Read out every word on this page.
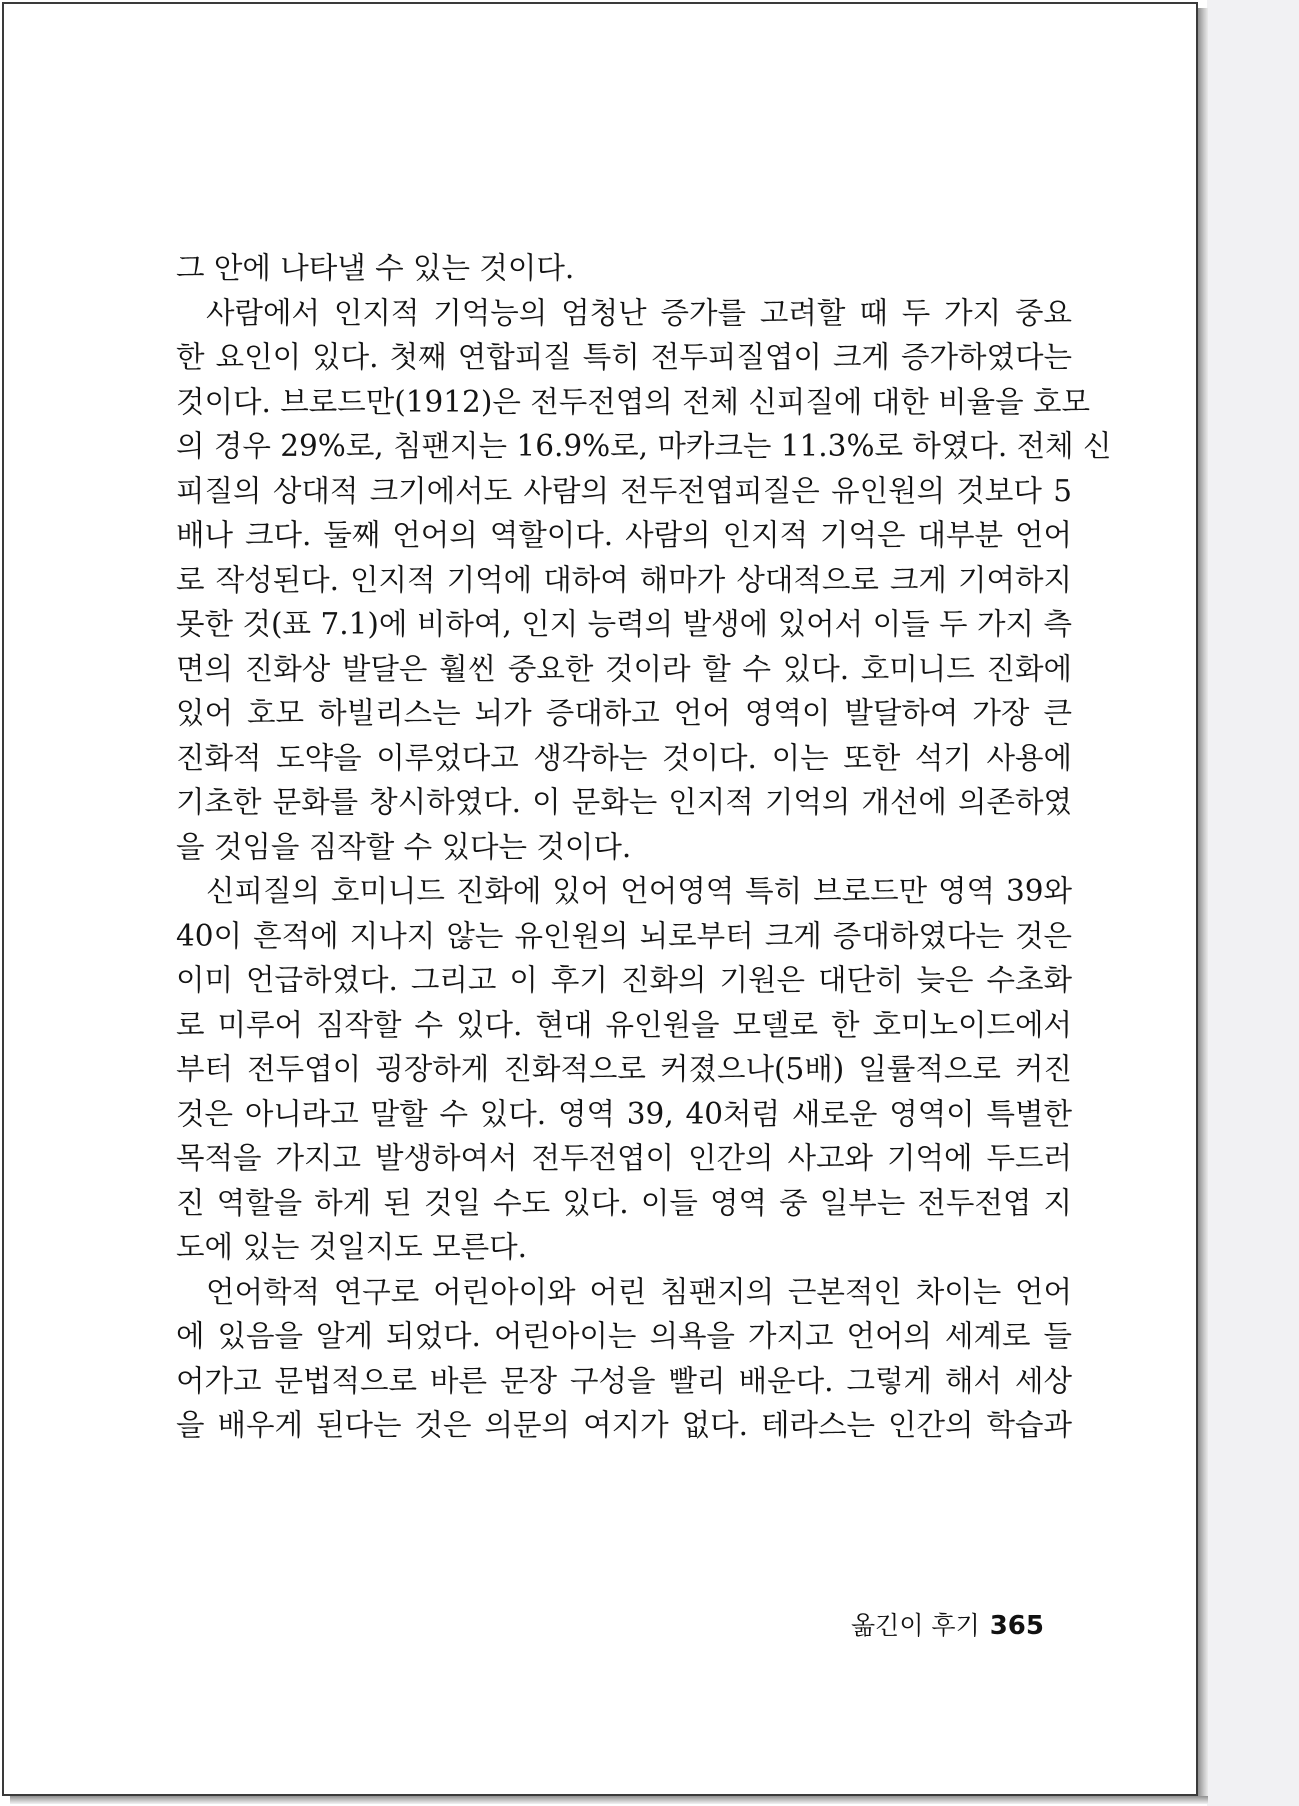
그 안에 나타낼 수 있는 것이다.
사람에서 인지적 기억능의 엄청난 증가를 고려할 때 두 가지 중요
한 요인이 있다. 첫째 연합피질 특히 전두피질엽이 크게 증가하였다는
것이다. 브로드만(1912)은 전두전엽의 전체 신피질에 대한 비율을 호모
의 경우 29%로, 침팬지는 16.9%로, 마카크는 11.3%로 하였다. 전체 신
피질의 상대적 크기에서도 사람의 전두전엽피질은 유인원의 것보다 5
배나 크다. 둘째 언어의 역할이다. 사람의 인지적 기억은 대부분 언어
로 작성된다. 인지적 기억에 대하여 해마가 상대적으로 크게 기여하지
못한 것(표 7.1)에 비하여, 인지 능력의 발생에 있어서 이들 두 가지 측
면의 진화상 발달은 훨씬 중요한 것이라 할 수 있다. 호미니드 진화에
있어 호모 하빌리스는 뇌가 증대하고 언어 영역이 발달하여 가장 큰
진화적 도약을 이루었다고 생각하는 것이다. 이는 또한 석기 사용에
기초한 문화를 창시하였다. 이 문화는 인지적 기억의 개선에 의존하였
을 것임을 짐작할 수 있다는 것이다.
신피질의 호미니드 진화에 있어 언어영역 특히 브로드만 영역 39와
40이 흔적에 지나지 않는 유인원의 뇌로부터 크게 증대하였다는 것은
이미 언급하였다. 그리고 이 후기 진화의 기원은 대단히 늦은 수초화
로 미루어 짐작할 수 있다. 현대 유인원을 모델로 한 호미노이드에서
부터 전두엽이 굉장하게 진화적으로 커졌으나(5배) 일률적으로 커진
것은 아니라고 말할 수 있다. 영역 39, 40처럼 새로운 영역이 특별한
목적을 가지고 발생하여서 전두전엽이 인간의 사고와 기억에 두드러
진 역할을 하게 된 것일 수도 있다. 이들 영역 중 일부는 전두전엽 지
도에 있는 것일지도 모른다.
언어학적 연구로 어린아이와 어린 침팬지의 근본적인 차이는 언어
에 있음을 알게 되었다. 어린아이는 의욕을 가지고 언어의 세계로 들
어가고 문법적으로 바른 문장 구성을 빨리 배운다. 그렇게 해서 세상
을 배우게 된다는 것은 의문의 여지가 없다. 테라스는 인간의 학습과
옮긴이 후기 365
